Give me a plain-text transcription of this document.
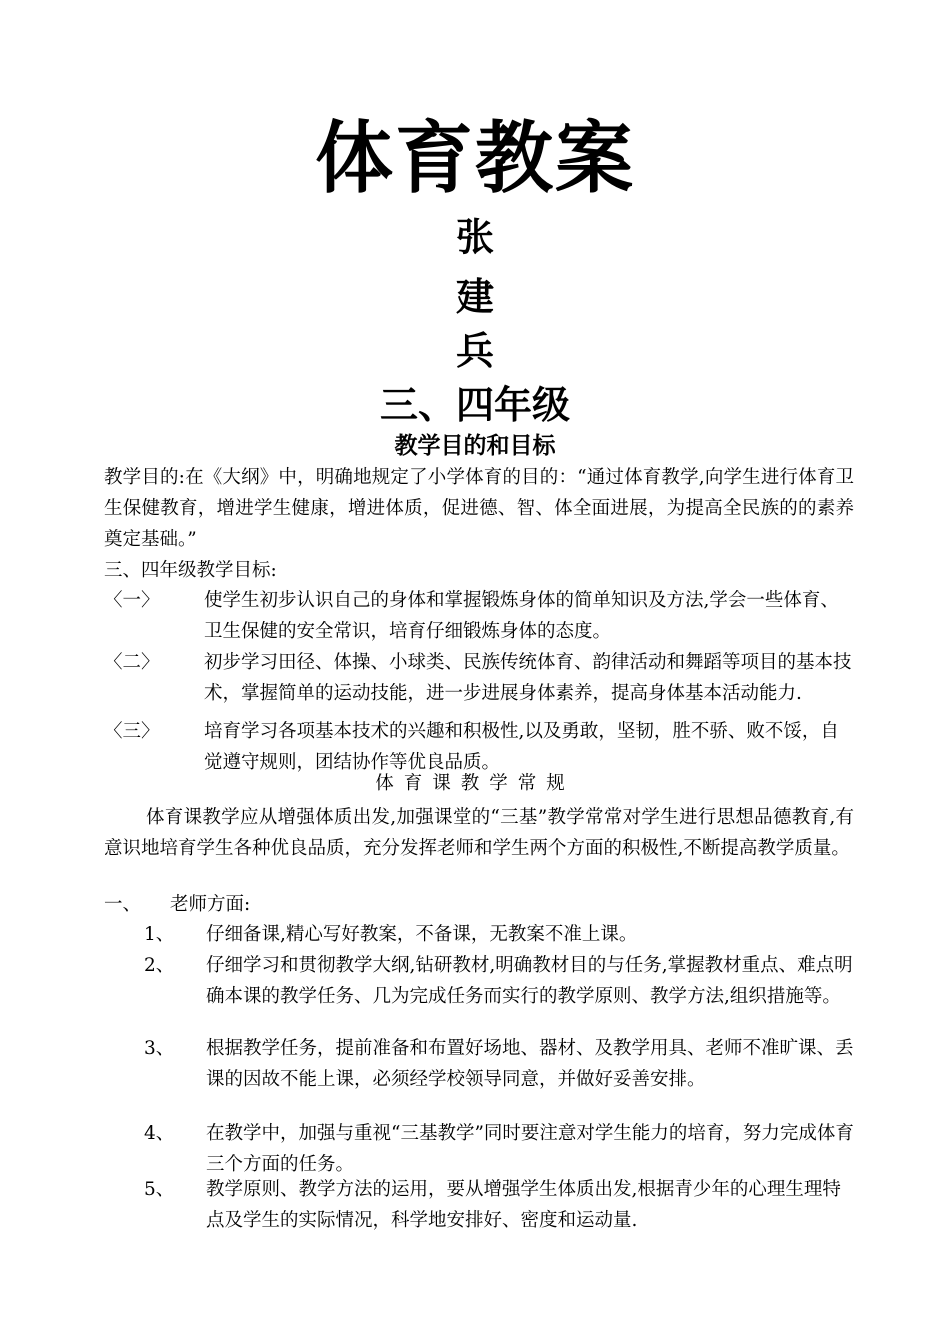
体育教案
张
建
兵
三、四年级
教学目的和目标
教学目的:在《大纲》中，明确地规定了小学体育的目的：“通过体育教学,向学生进行体育卫生保健教育，增进学生健康，增进体质，促进德、智、体全面进展，为提高全民族的的素养奠定基础。”
三、四年级教学目标:
〈一〉 使学生初步认识自己的身体和掌握锻炼身体的简单知识及方法,学会一些体育、卫生保健的安全常识，培育仔细锻炼身体的态度。
〈二〉 初步学习田径、体操、小球类、民族传统体育、韵律活动和舞蹈等项目的基本技术，掌握简单的运动技能，进一步进展身体素养，提高身体基本活动能力.
〈三〉 培育学习各项基本技术的兴趣和积极性,以及勇敢，坚韧，胜不骄、败不馁，自觉遵守规则，团结协作等优良品质。
体育课教学常规
体育课教学应从增强体质出发,加强课堂的“三基”教学常常对学生进行思想品德教育,有意识地培育学生各种优良品质，充分发挥老师和学生两个方面的积极性,不断提高教学质量。
一、 老师方面:
1、 仔细备课,精心写好教案，不备课，无教案不准上课。
2、 仔细学习和贯彻教学大纲,钻研教材,明确教材目的与任务,掌握教材重点、难点明确本课的教学任务、几为完成任务而实行的教学原则、教学方法,组织措施等。
3、 根据教学任务，提前准备和布置好场地、器材、及教学用具、老师不准旷课、丢课的因故不能上课，必须经学校领导同意，并做好妥善安排。
4、 在教学中，加强与重视“三基教学”同时要注意对学生能力的培育，努力完成体育三个方面的任务。
5、 教学原则、教学方法的运用，要从增强学生体质出发,根据青少年的心理生理特点及学生的实际情况，科学地安排好、密度和运动量.
